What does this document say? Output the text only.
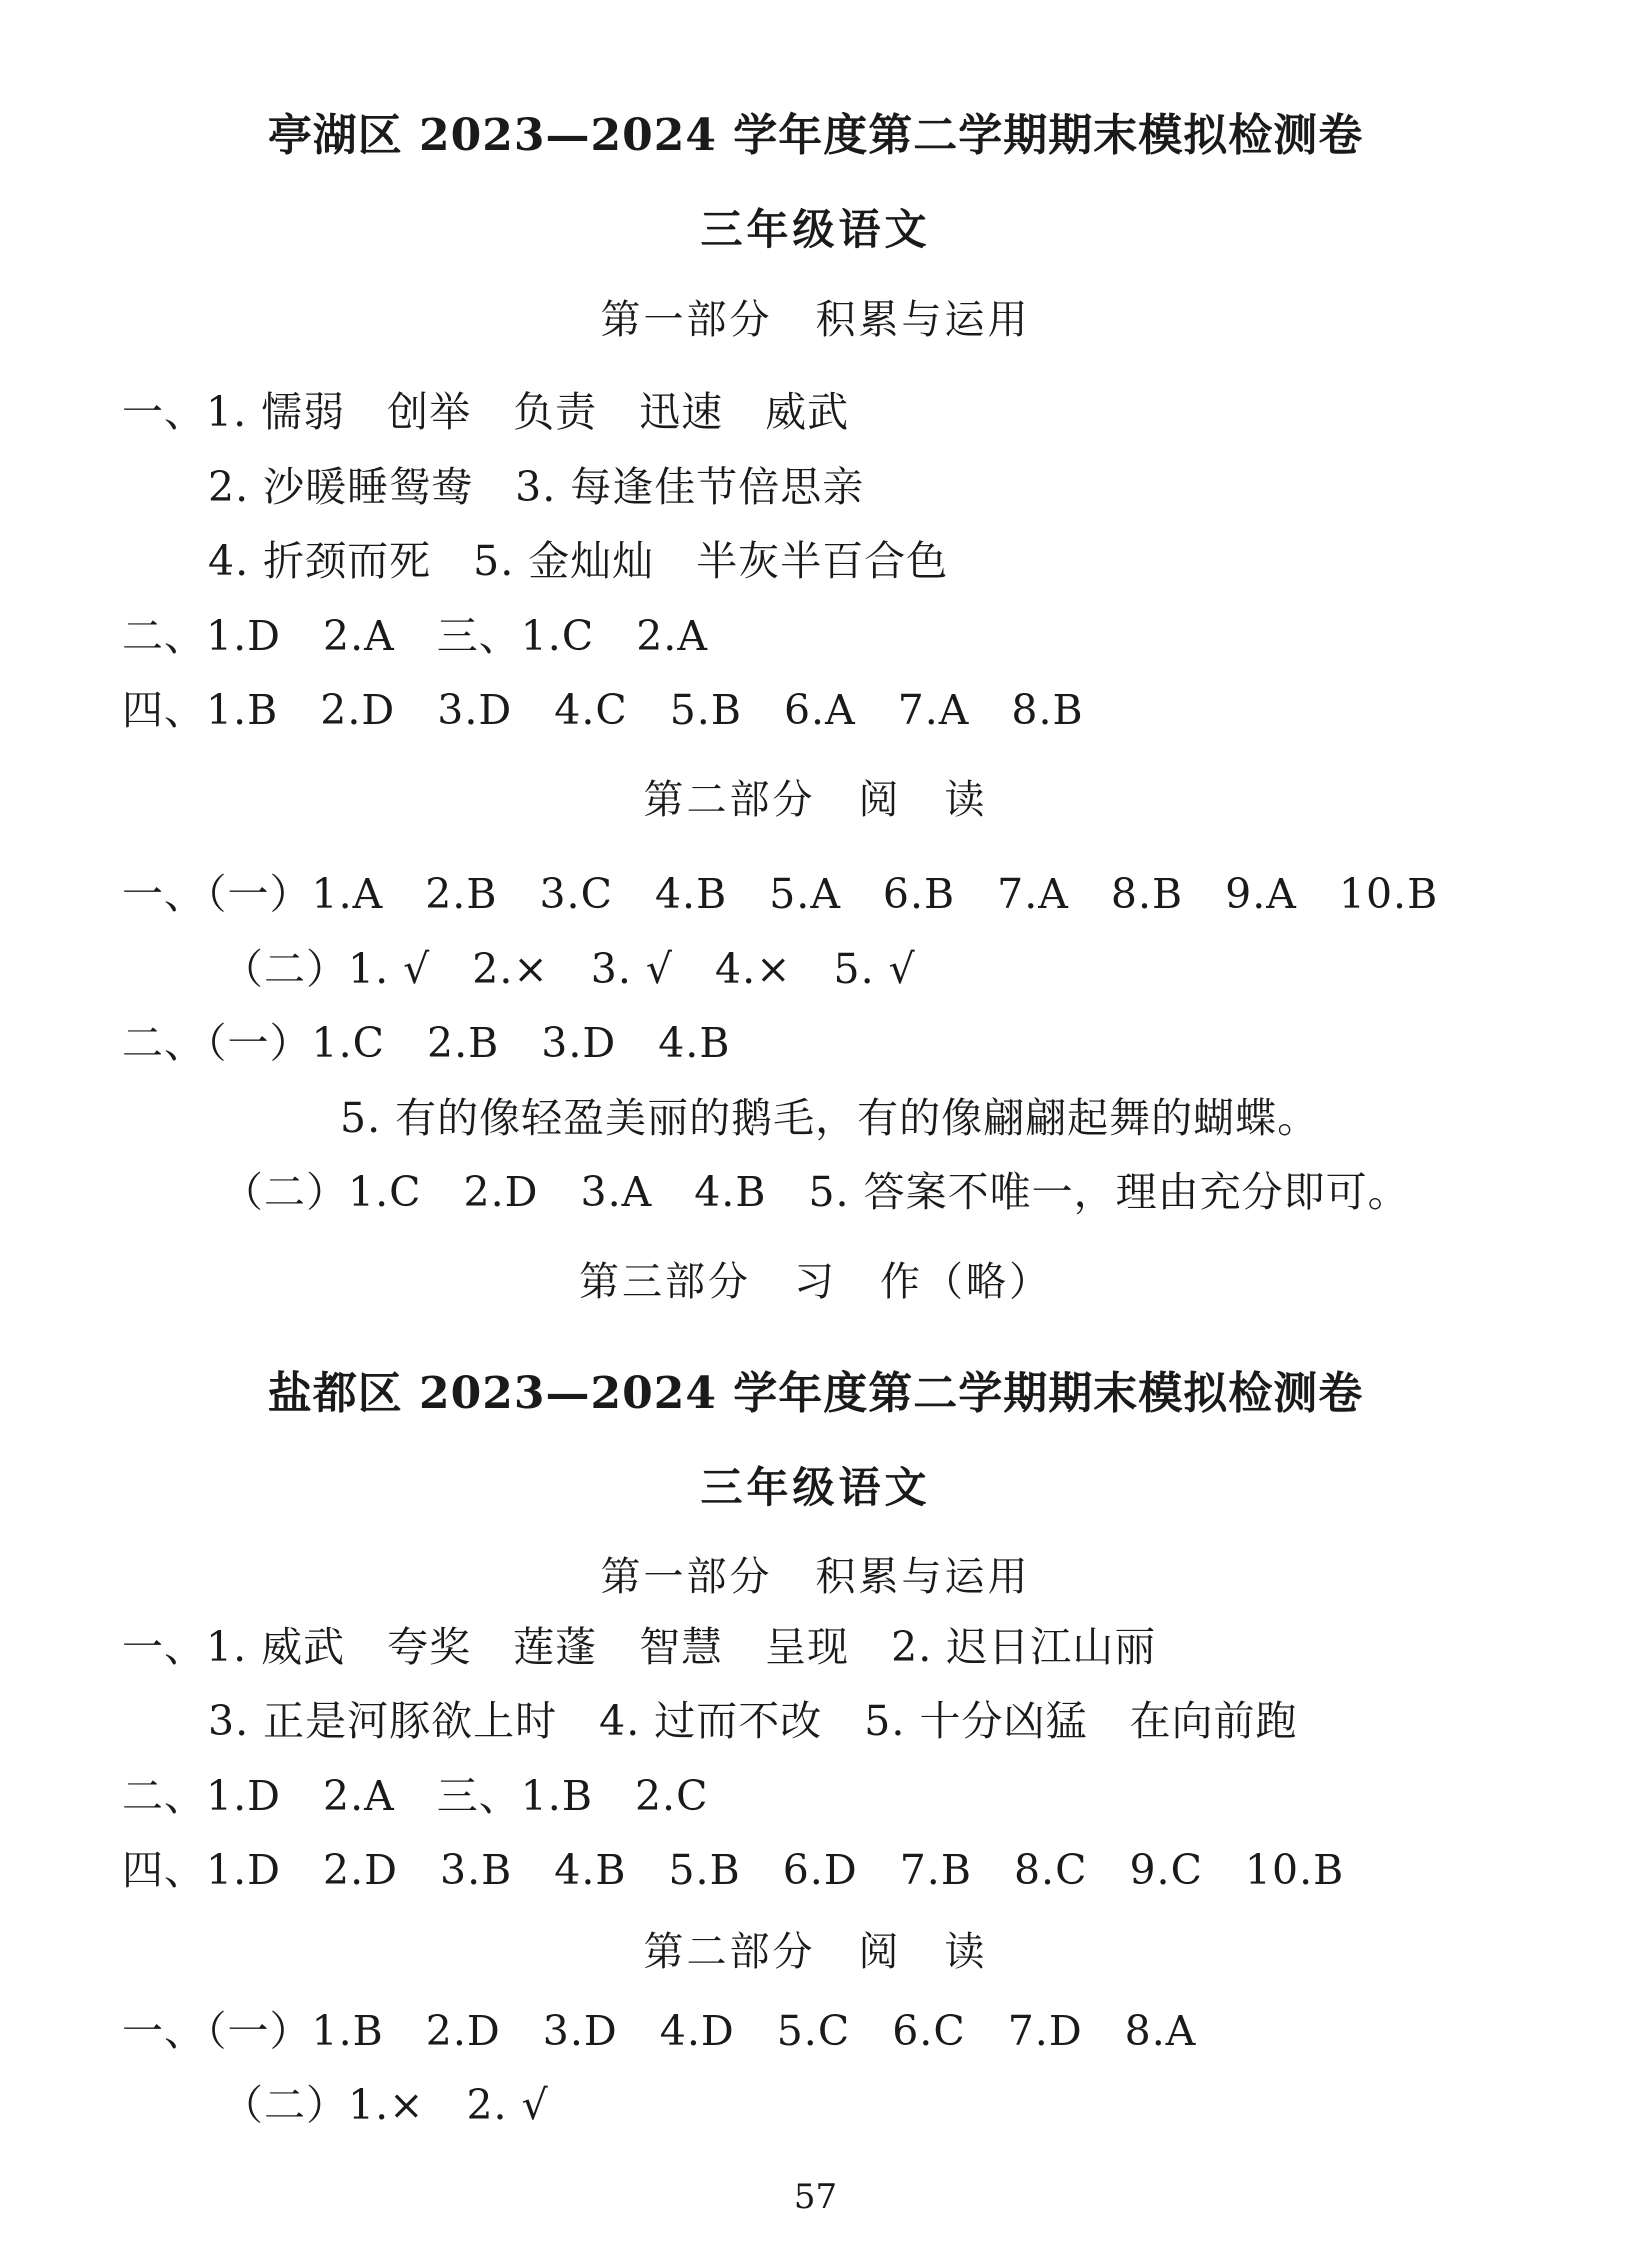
亭湖区 2023—2024 学年度第二学期期末模拟检测卷
三年级语文
第一部分　积累与运用
一、1. 懦弱　创举　负责　迅速　威武
2. 沙暖睡鸳鸯　3. 每逢佳节倍思亲
4. 折颈而死　5. 金灿灿　半灰半百合色
二、1.D　2.A　三、1.C　2.A
四、1.B　2.D　3.D　4.C　5.B　6.A　7.A　8.B
第二部分　阅　读
一、（一）1.A　2.B　3.C　4.B　5.A　6.B　7.A　8.B　9.A　10.B
（二）1. √　2.×　3. √　4.×　5. √
二、（一）1.C　2.B　3.D　4.B
5. 有的像轻盈美丽的鹅毛，有的像翩翩起舞的蝴蝶。
（二）1.C　2.D　3.A　4.B　5. 答案不唯一，理由充分即可。
第三部分　习　作（略）
盐都区 2023—2024 学年度第二学期期末模拟检测卷
三年级语文
第一部分　积累与运用
一、1. 威武　夸奖　莲蓬　智慧　呈现　2. 迟日江山丽
3. 正是河豚欲上时　4. 过而不改　5. 十分凶猛　在向前跑
二、1.D　2.A　三、1.B　2.C
四、1.D　2.D　3.B　4.B　5.B　6.D　7.B　8.C　9.C　10.B
第二部分　阅　读
一、（一）1.B　2.D　3.D　4.D　5.C　6.C　7.D　8.A
（二）1.×　2. √
57
